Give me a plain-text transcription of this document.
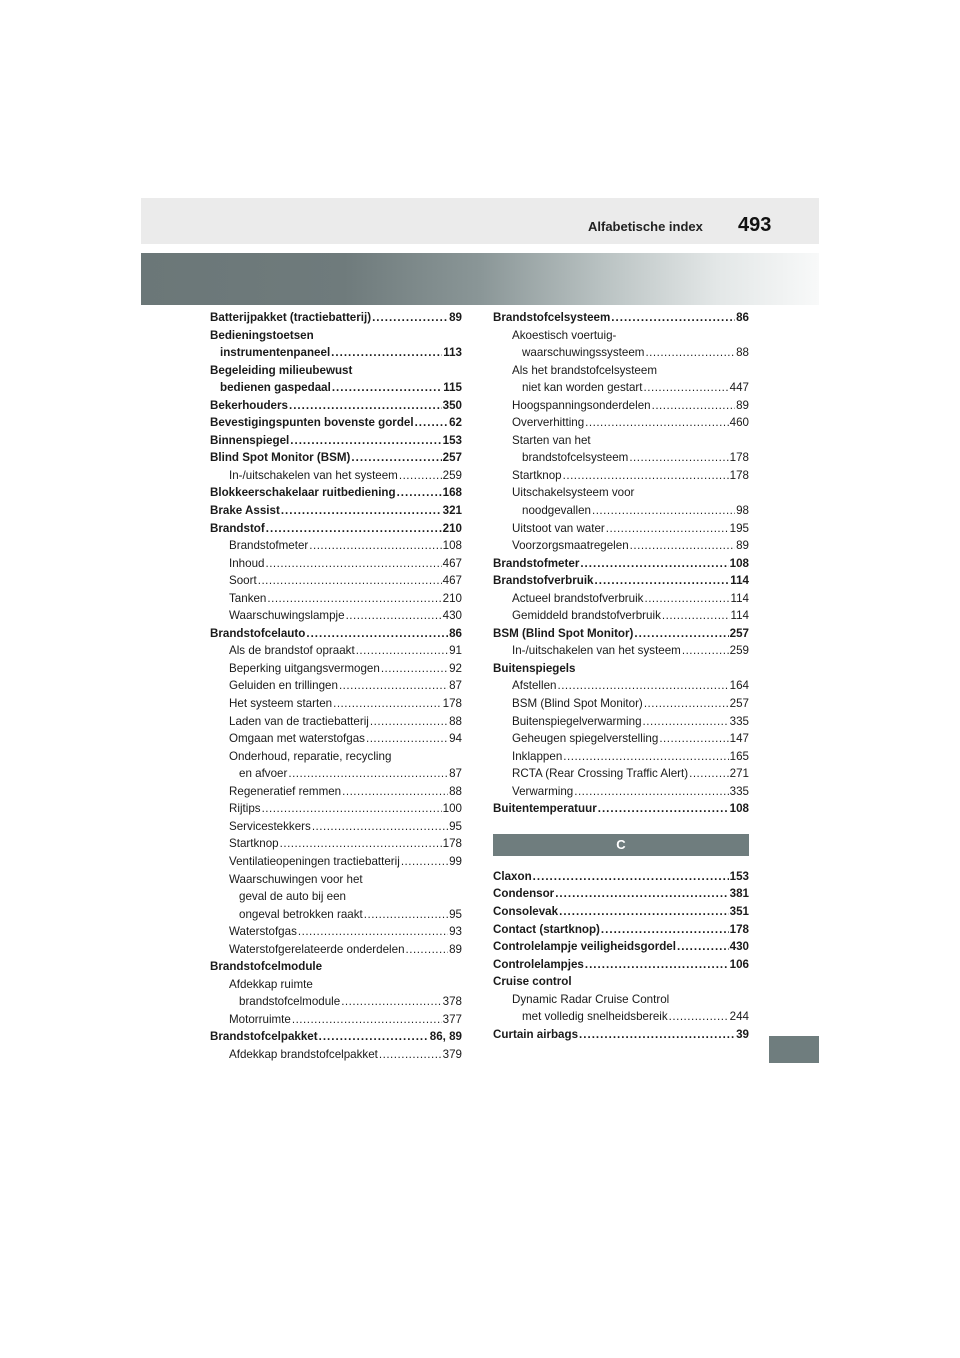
Alfabetische index 493
Batterijpakket (tractiebatterij) .....	89
Bedieningstoetsen
instrumentenpaneel .....	113
Begeleiding milieubewust
bedienen gaspedaal .....	115
Bekerhouders .....	350
Bevestigingspunten bovenste gordel .....	62
Binnenspiegel .....	153
Blind Spot Monitor (BSM) .....	257
In-/uitschakelen van het systeem .....	259
Blokkeerschakelaar ruitbediening .....	168
Brake Assist .....	321
Brandstof .....	210
Brandstofmeter .....	108
Inhoud .....	467
Soort .....	467
Tanken .....	210
Waarschuwingslampje .....	430
Brandstofcelauto .....	86
Als de brandstof opraakt .....	91
Beperking uitgangsvermogen .....	92
Geluiden en trillingen .....	87
Het systeem starten .....	178
Laden van de tractiebatterij .....	88
Omgaan met waterstofgas .....	94
Onderhoud, reparatie, recycling
en afvoer .....	87
Regeneratief remmen .....	88
Rijtips .....	100
Servicestekkers .....	95
Startknop .....	178
Ventilatieopeningen tractiebatterij .....	99
Waarschuwingen voor het
geval de auto bij een
ongeval betrokken raakt .....	95
Waterstofgas .....	93
Waterstofgerelateerde onderdelen .....	89
Brandstofcelmodule
Afdekkap ruimte
brandstofcelmodule .....	378
Motorruimte .....	377
Brandstofcelpakket .....	86, 89
Afdekkap brandstofcelpakket .....	379
Brandstofcelsysteem .....	86
Akoestisch voertuig-
waarschuwingssysteem .....	88
Als het brandstofcelsysteem
niet kan worden gestart .....	447
Hoogspanningsonderdelen .....	89
Oververhitting .....	460
Starten van het
brandstofcelsysteem .....	178
Startknop .....	178
Uitschakelsysteem voor
noodgevallen .....	98
Uitstoot van water .....	195
Voorzorgsmaatregelen .....	89
Brandstofmeter .....	108
Brandstofverbruik .....	114
Actueel brandstofverbruik .....	114
Gemiddeld brandstofverbruik .....	114
BSM (Blind Spot Monitor) .....	257
In-/uitschakelen van het systeem .....	259
Buitenspiegels
Afstellen .....	164
BSM (Blind Spot Monitor) .....	257
Buitenspiegelverwarming .....	335
Geheugen spiegelverstelling .....	147
Inklappen .....	165
RCTA (Rear Crossing Traffic Alert) .....	271
Verwarming .....	335
Buitentemperatuur .....	108
C
Claxon .....	153
Condensor .....	381
Consolevak .....	351
Contact (startknop) .....	178
Controlelampje veiligheidsgordel .....	430
Controlelampjes .....	106
Cruise control
Dynamic Radar Cruise Control
met volledig snelheidsbereik .....	244
Curtain airbags .....	39
